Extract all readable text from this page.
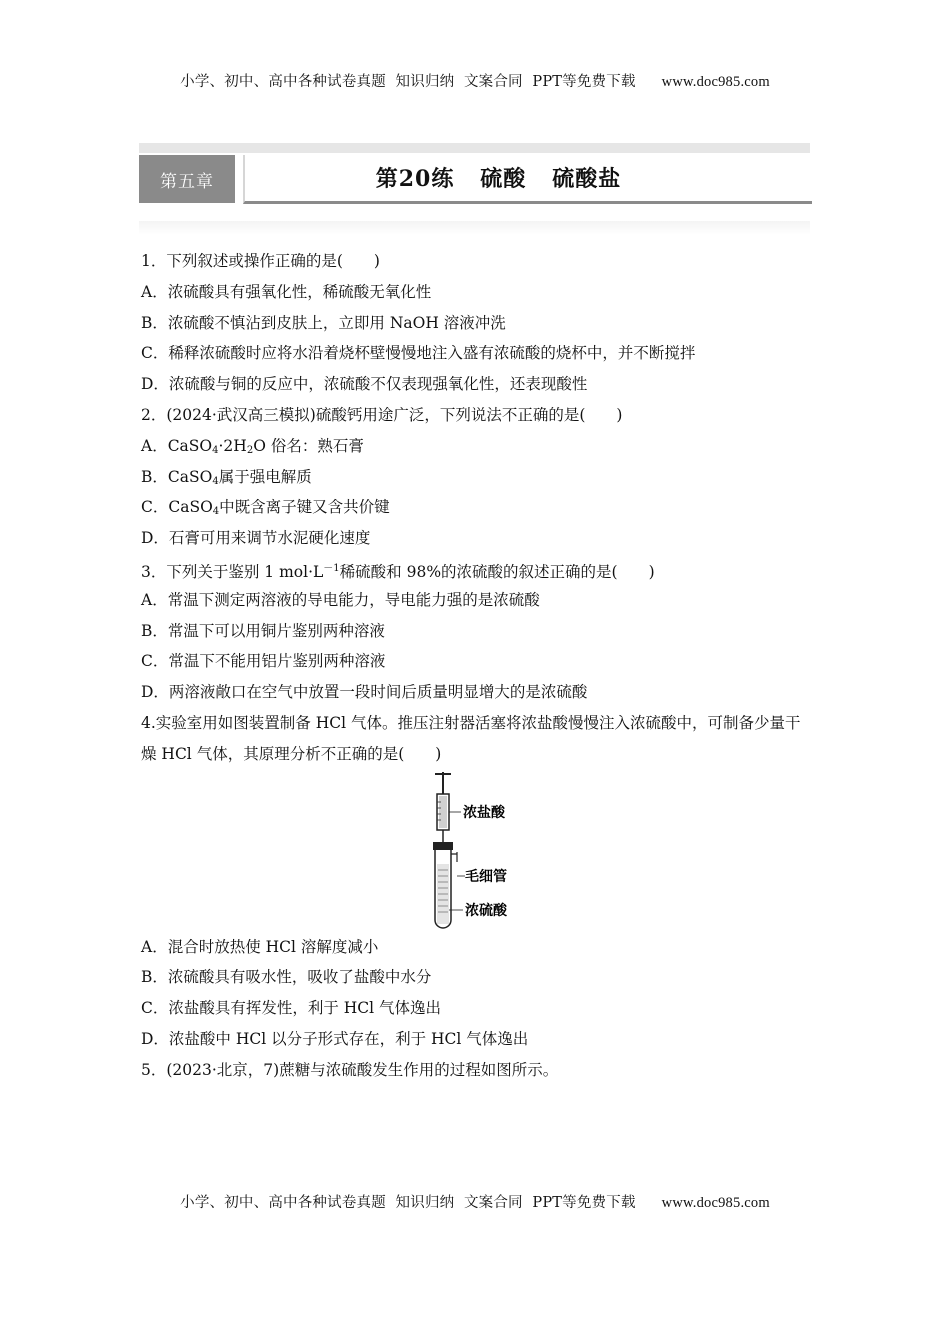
小学、初中、高中各种试卷真题  知识归纳  文案合同  PPT等免费下载 www.doc985.com
第五章	第20练   硫酸   硫酸盐
1．下列叙述或操作正确的是(　　)
A．浓硫酸具有强氧化性，稀硫酸无氧化性
B．浓硫酸不慎沾到皮肤上，立即用 NaOH 溶液冲洗
C．稀释浓硫酸时应将水沿着烧杯壁慢慢地注入盛有浓硫酸的烧杯中，并不断搅拌
D．浓硫酸与铜的反应中，浓硫酸不仅表现强氧化性，还表现酸性
2．(2024·武汉高三模拟)硫酸钙用途广泛，下列说法不正确的是(　　)
A．$CaSO_4\cdot 2H_2O$ 俗名：熟石膏
B．CaSO$_4$属于强电解质
C．CaSO$_4$中既含离子键又含共价键
D．石膏可用来调节水泥硬化速度
3．下列关于鉴别 1 $mol\cdot L^{-1}$稀硫酸和 98%的浓硫酸的叙述正确的是(　　)
A．常温下测定两溶液的导电能力，导电能力强的是浓硫酸
B．常温下可以用铜片鉴别两种溶液
C．常温下不能用铝片鉴别两种溶液
D．两溶液敞口在空气中放置一段时间后质量明显增大的是浓硫酸
4.实验室用如图装置制备 HCl 气体。推压注射器活塞将浓盐酸慢慢注入浓硫酸中，可制备少量干燥 HCl 气体，其原理分析不正确的是(　　)
浓盐酸
毛细管
浓硫酸
A．混合时放热使 HCl 溶解度减小
B．浓硫酸具有吸水性，吸收了盐酸中水分
C．浓盐酸具有挥发性，利于 HCl 气体逸出
D．浓盐酸中 HCl 以分子形式存在，利于 HCl 气体逸出
5．(2023·北京，7)蔗糖与浓硫酸发生作用的过程如图所示。
小学、初中、高中各种试卷真题  知识归纳  文案合同  PPT等免费下载 www.doc985.com
